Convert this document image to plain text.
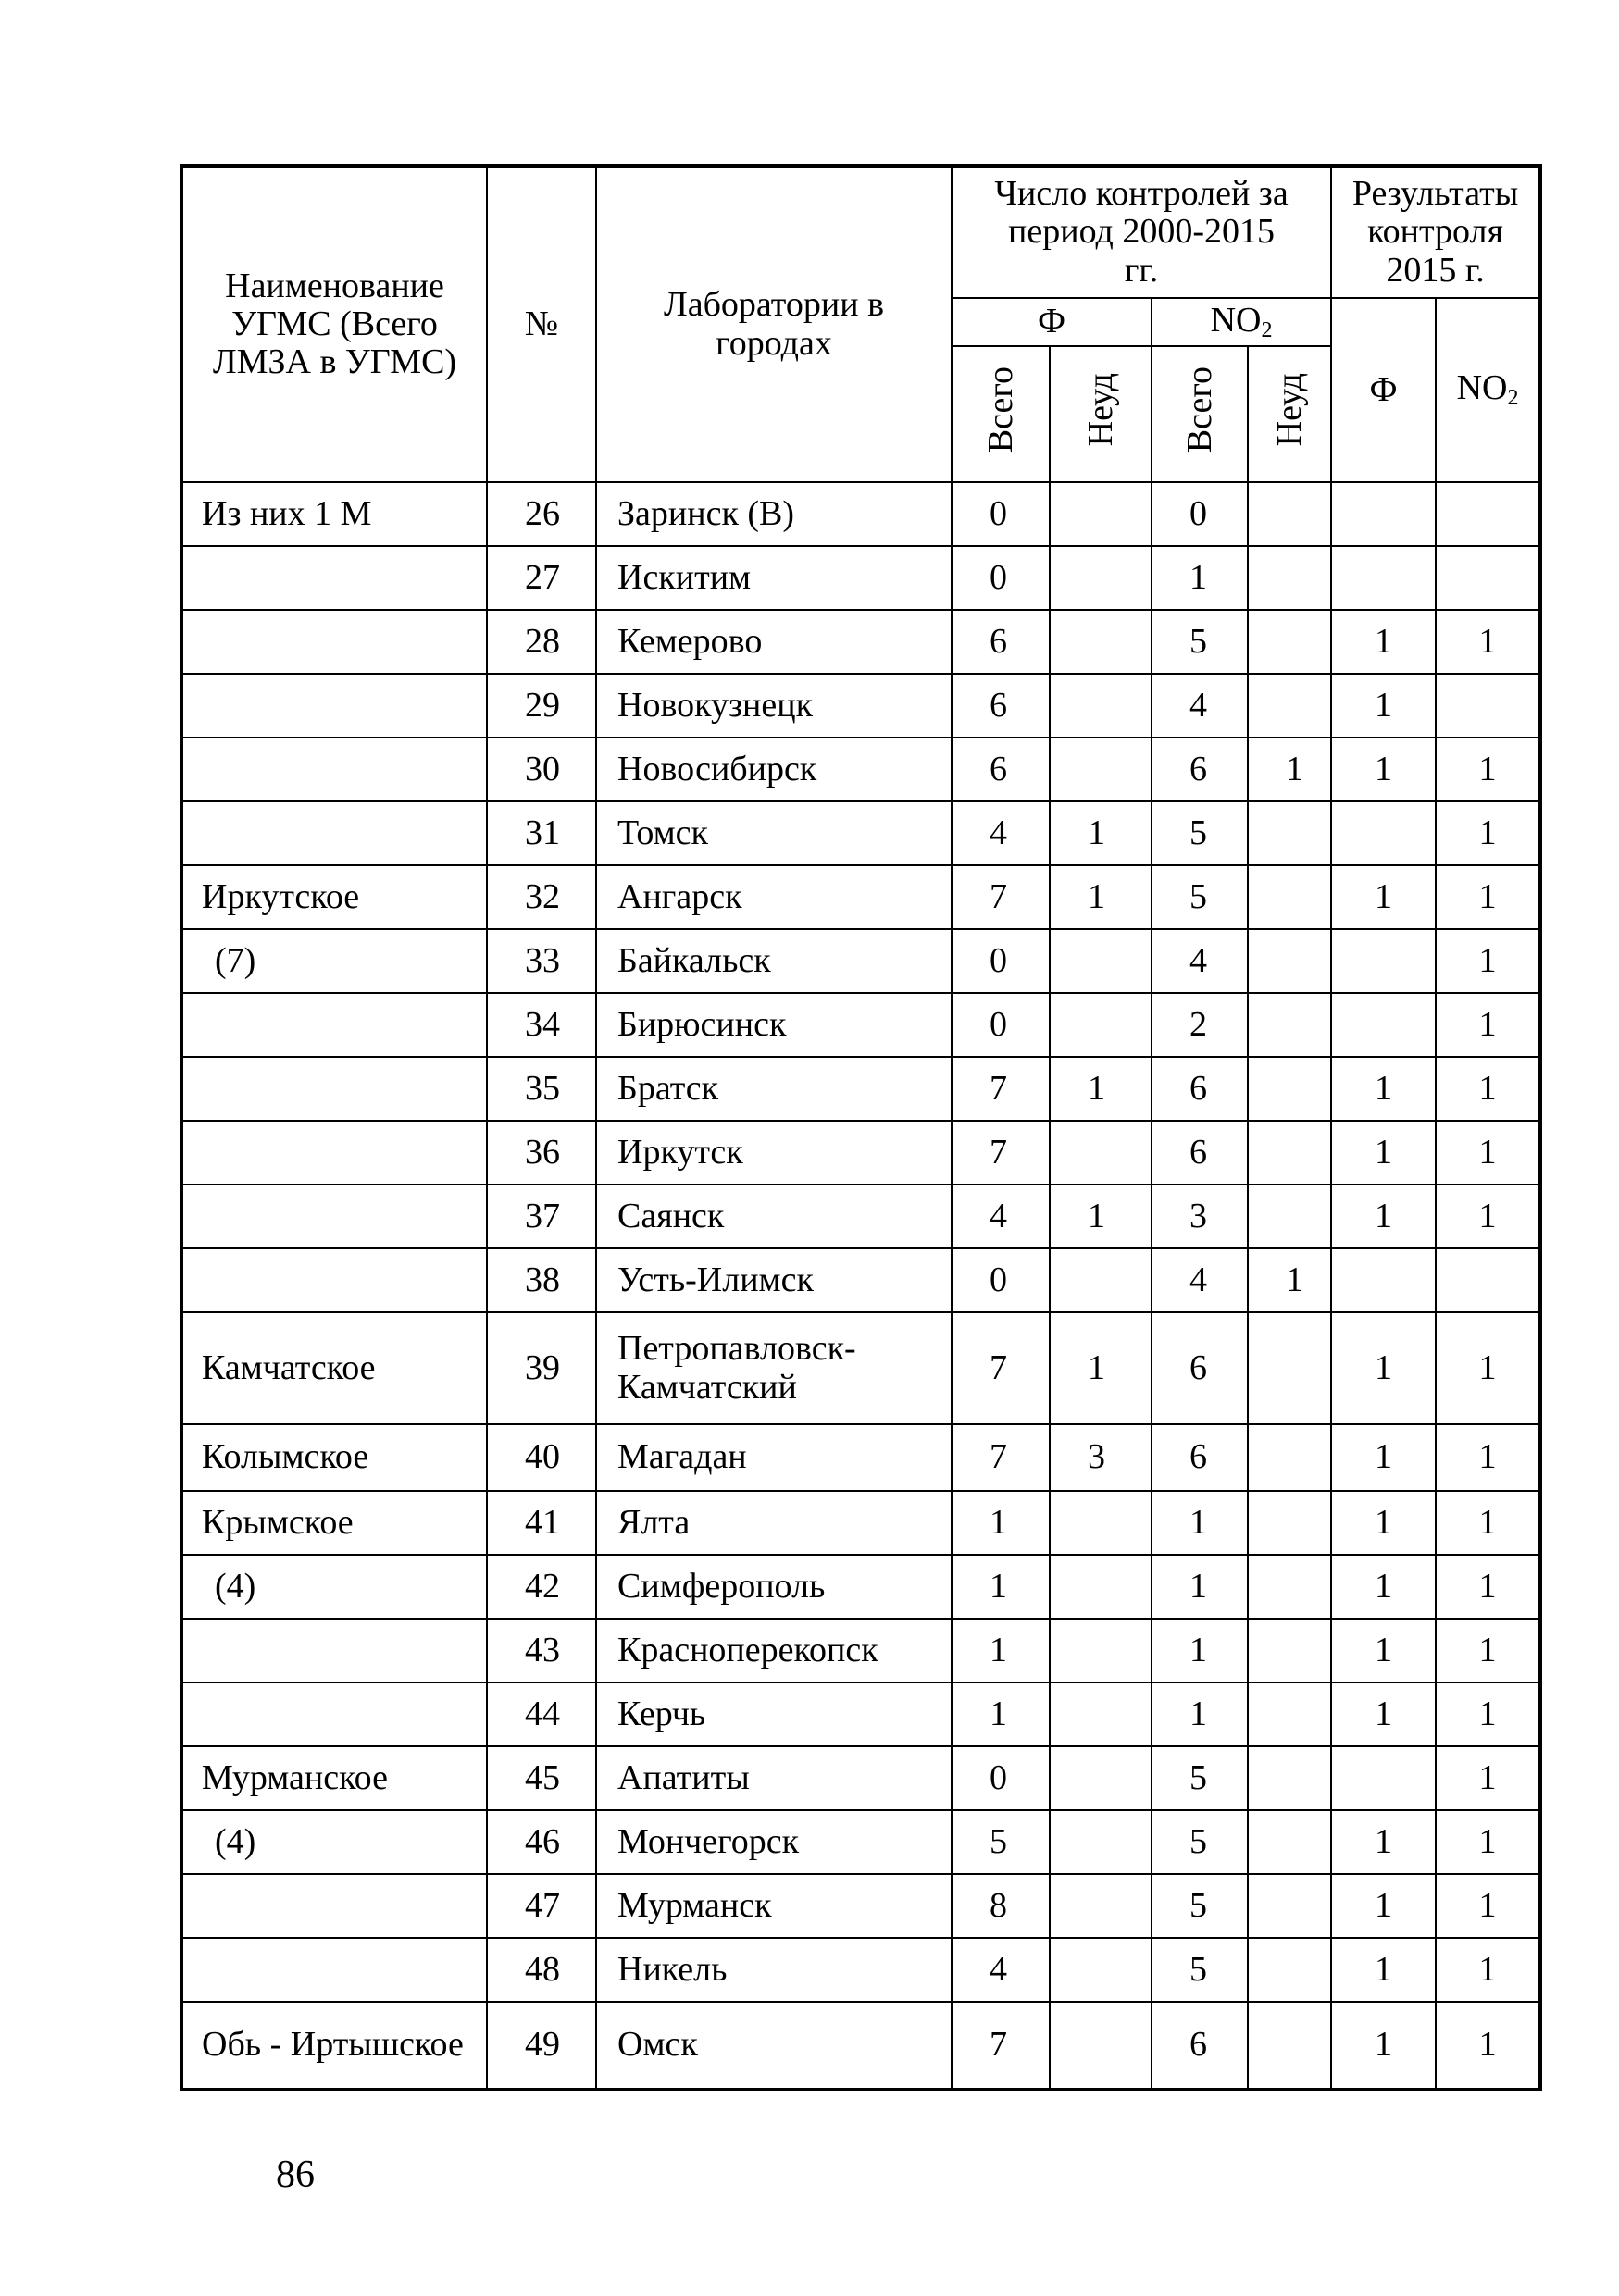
Наименование УГМС (Всего ЛМЗА в УГМС)	№	Лаборатории в городах	Число контролей за период 2000-2015 гг.				Результаты контроля 2015 г.	
			Ф		$NO_2$		Ф	$NO_2$
			Всего	Неуд	Всего	Неуд		
Из них 1 М	26	Заринск (В)	0		0			
	27	Искитим	0		1			
	28	Кемерово	6		5		1	1
	29	Новокузнецк	6		4		1	
	30	Новосибирск	6		6	1	1	1
	31	Томск	4	1	5			1
Иркутское	32	Ангарск	7	1	5		1	1
(7)	33	Байкальск	0		4			1
	34	Бирюсинск	0		2			1
	35	Братск	7	1	6		1	1
	36	Иркутск	7		6		1	1
	37	Саянск	4	1	3		1	1
	38	Усть-Илимск	0		4	1		
Камчатское	39	Петропавловск-Камчатский	7	1	6		1	1
Колымское	40	Магадан	7	3	6		1	1
Крымское	41	Ялта	1		1		1	1
(4)	42	Симферополь	1		1		1	1
	43	Красноперекопск	1		1		1	1
	44	Керчь	1		1		1	1
Мурманское	45	Апатиты	0		5			1
(4)	46	Мончегорск	5		5		1	1
	47	Мурманск	8		5		1	1
	48	Никель	4		5		1	1
Обь - Иртышское	49	Омск	7		6		1	1
86
